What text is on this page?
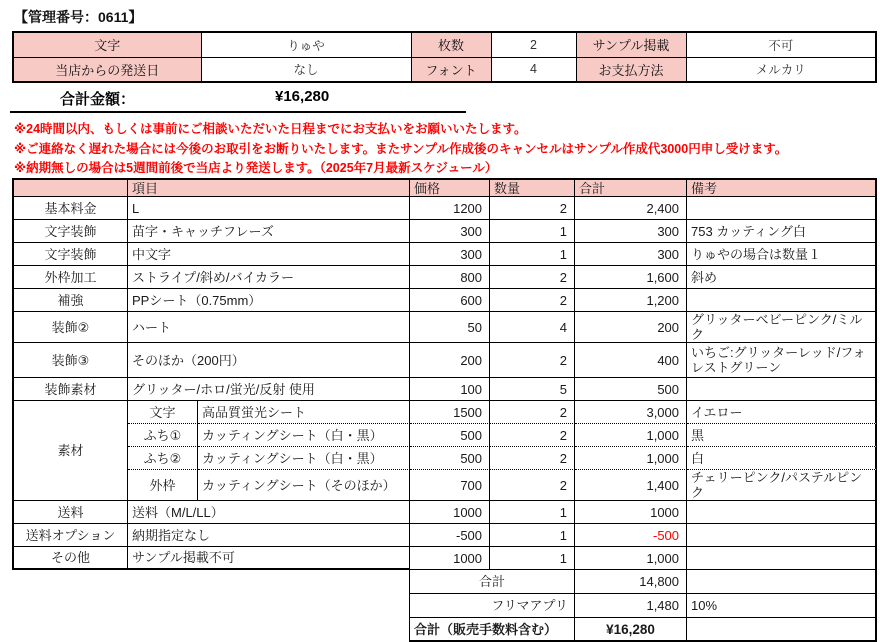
【管理番号：0611】
文字	りゅや	枚数	2	サンプル掲載	不可
当店からの発送日	なし	フォント	4	お支払方法	メルカリ
合計金額：	¥16,280
※24時間以内、もしくは事前にご相談いただいた日程までにお支払いをお願いいたします。
※ご連絡なく遅れた場合には今後のお取引をお断りいたします。またサンプル作成後のキャンセルはサンプル作成代3000円申し受けます。
※納期無しの場合は5週間前後で当店より発送します。（2025年7月最新スケジュール）
	項目		価格	数量	合計	備考
基本料金	L		1200	2	2,400	
文字装飾	苗字・キャッチフレーズ		300	1	300	753 カッティング白
文字装飾	中文字		300	1	300	りゅやの場合は数量１
外枠加工	ストライプ/斜め/バイカラー		800	2	1,600	斜め
補強	PPシート（0.75mm）		600	2	1,200	
装飾②	ハート		50	4	200	グリッターベビーピンク/ミルク
装飾③	そのほか（200円）		200	2	400	いちご:グリッターレッド/フォレストグリーン
装飾素材	グリッター/ホロ/蛍光/反射 使用		100	5	500	
素材	文字	高品質蛍光シート	1500	2	3,000	イエロー
	ふち①	カッティングシート（白・黒）	500	2	1,000	黒
	ふち②	カッティングシート（白・黒）	500	2	1,000	白
	外枠	カッティングシート（そのほか）	700	2	1,400	チェリーピンク/パステルピンク
送料	送料（M/L/LL）		1000	1	1000	
送料オプション	納期指定なし		-500	1	-500	
その他	サンプル掲載不可		1000	1	1,000	
			合計		14,800	
			フリマアプリ		1,480	10%
			合計（販売手数料含む）		¥16,280	
